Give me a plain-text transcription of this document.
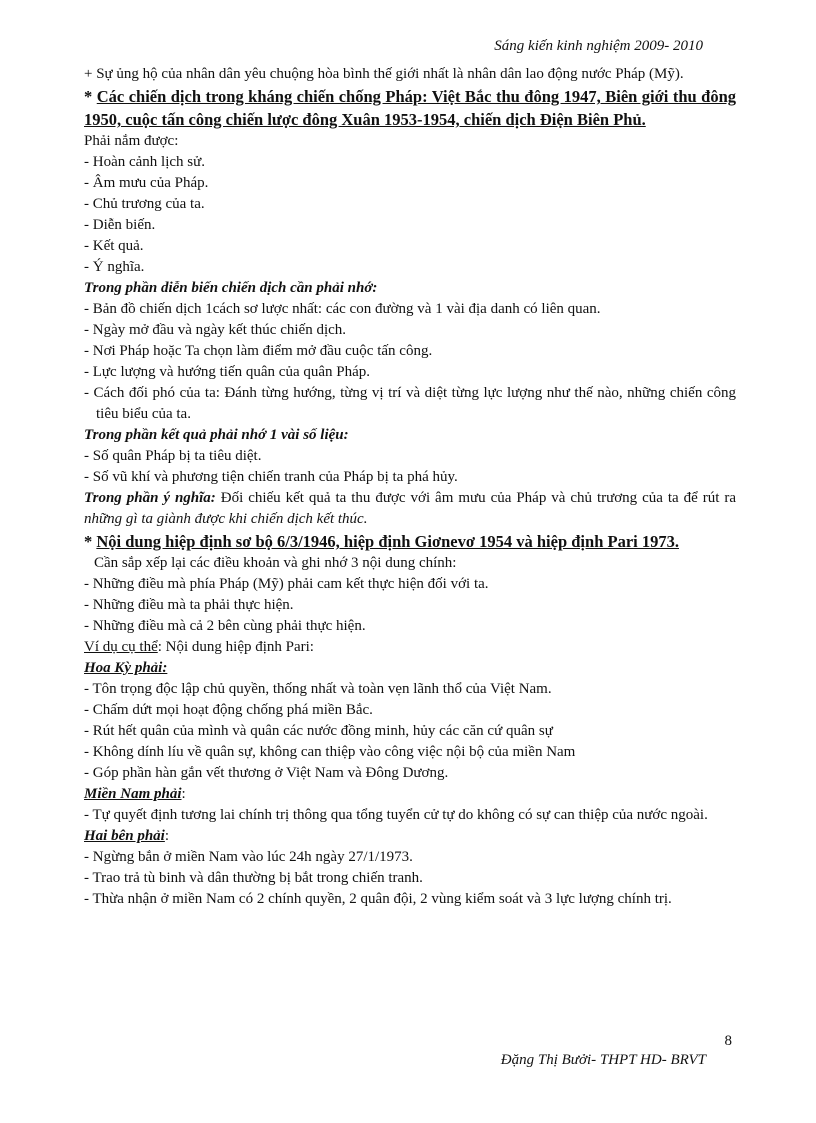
Sáng kiến kinh nghiệm 2009- 2010

+ Sự ủng hộ của nhân dân yêu chuộng hòa bình thế giới nhất là nhân dân lao động nước Pháp (Mỹ).

* Các chiến dịch trong kháng chiến chống Pháp: Việt Bắc thu đông 1947, Biên giới thu đông 1950, cuộc tấn công chiến lược đông Xuân 1953-1954, chiến dịch Điện Biên Phủ.

Phải nắm được:

- Hoàn cảnh lịch sử.

- Âm mưu của Pháp.

- Chủ trương của ta.

- Diễn biến.

- Kết quả.

- Ý nghĩa.

Trong phần diễn biến chiến dịch cần phải nhớ:

- Bản đồ chiến dịch 1cách sơ lược nhất: các con đường và 1 vài địa danh có liên quan.

- Ngày mở đầu và ngày kết thúc chiến dịch.

- Nơi Pháp hoặc Ta chọn làm điểm mở đầu cuộc tấn công.

- Lực lượng và hướng tiến quân của quân Pháp.

- Cách đối phó của ta: Đánh từng hướng, từng vị trí và diệt từng lực lượng như thế nào, những chiến công tiêu biểu của ta.

Trong phần kết quả phải nhớ 1 vài số liệu:

- Số quân Pháp bị ta tiêu diệt.

- Số vũ khí và phương tiện chiến tranh của Pháp bị ta phá hủy.

Trong phần ý nghĩa: Đối chiếu kết quả ta thu được với âm mưu của Pháp và chủ trương của ta để rút ra những gì ta giành được khi chiến dịch kết thúc.

* Nội dung hiệp định sơ bộ 6/3/1946, hiệp định Giơnevơ 1954 và hiệp định Pari 1973.

Cần sắp xếp lại các điều khoản và ghi nhớ 3 nội dung chính:

- Những điều mà phía Pháp (Mỹ) phải cam kết thực hiện đối với ta.

- Những điều mà ta phải thực hiện.

- Những điều mà cả 2 bên cùng phải thực hiện.

Ví dụ cụ thể: Nội dung hiệp định Pari:

Hoa Kỳ phải:

- Tôn trọng độc lập chủ quyền, thống nhất và toàn vẹn lãnh thổ của Việt Nam.

- Chấm dứt mọi hoạt động chống phá miền Bắc.

- Rút hết quân của mình và quân các nước đồng minh, hủy các căn cứ quân sự

- Không dính líu về quân sự, không can thiệp vào công việc nội bộ của miền Nam

- Góp phần hàn gắn vết thương ở Việt Nam và Đông Dương.

Miền Nam phải:

- Tự quyết định tương lai chính trị thông qua tổng tuyển cử tự do không có sự can thiệp của nước ngoài.

Hai bên phải:

- Ngừng bắn ở miền Nam vào lúc 24h ngày 27/1/1973.

- Trao trả tù binh và dân thường bị bắt trong chiến tranh.

- Thừa nhận ở miền Nam có 2 chính quyền, 2 quân đội, 2 vùng kiểm soát và 3 lực lượng chính trị.

8
Đặng Thị Bưởi- THPT HD- BRVT
